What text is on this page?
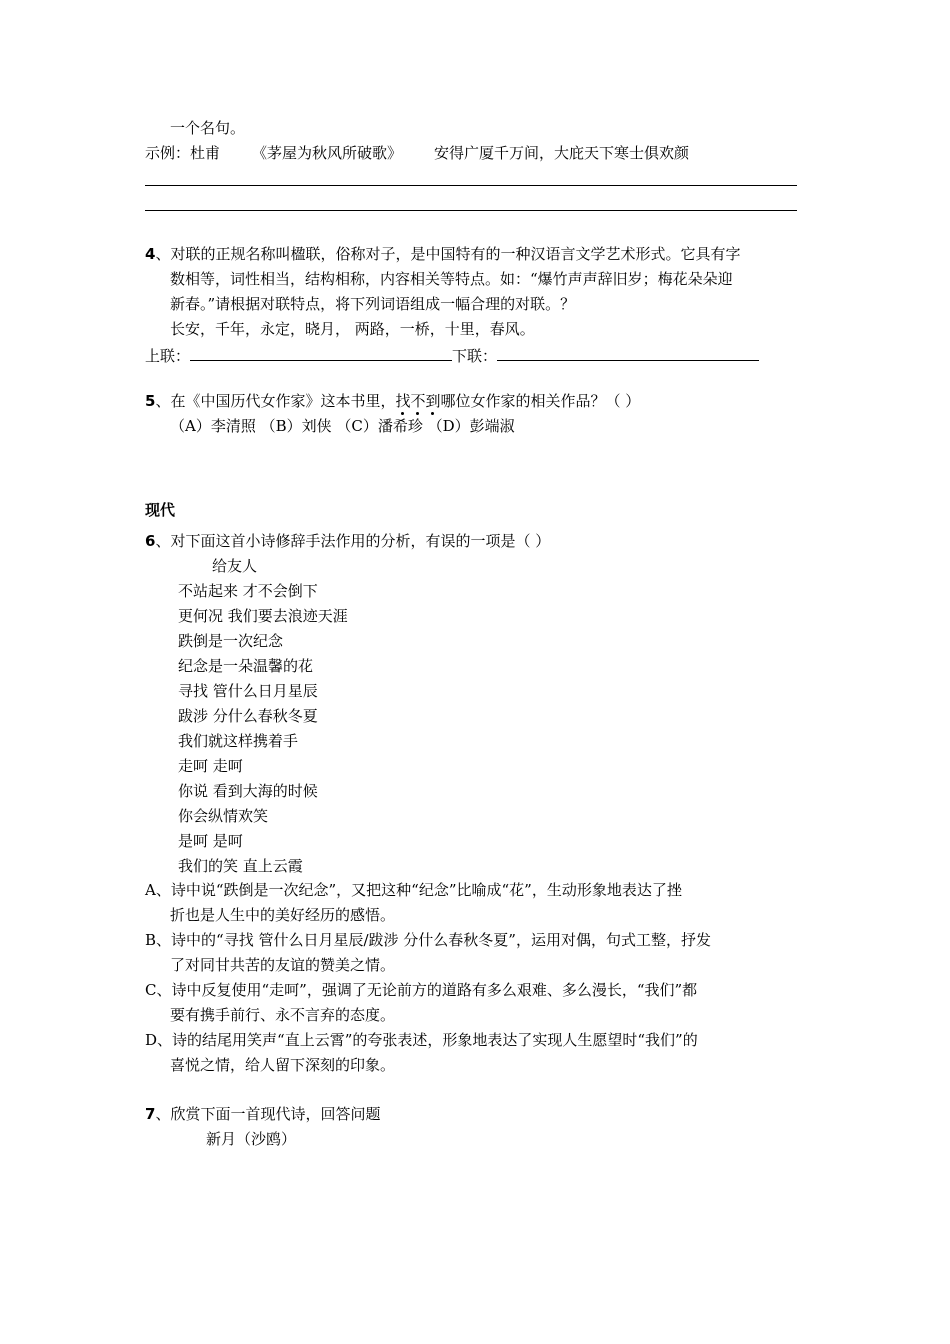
一个名句。
示例：杜甫 《茅屋为秋风所破歌》 安得广厦千万间，大庇天下寒士俱欢颜
4、对联的正规名称叫楹联，俗称对子，是中国特有的一种汉语言文学艺术形式。它具有字
数相等，词性相当，结构相称，内容相关等特点。如：“爆竹声声辞旧岁；梅花朵朵迎
新春。”请根据对联特点，将下列词语组成一幅合理的对联。？
长安，千年，永定，晓月， 两路，一桥，十里，春风。
上联：	下联：
5、在《中国历代女作家》这本书里，找不到哪位女作家的相关作品？（ ）
（A）李清照 （B）刘侠 （C）潘希珍 （D）彭端淑
现代
6、对下面这首小诗修辞手法作用的分析，有误的一项是（ ）
给友人
不站起来 才不会倒下
更何况 我们要去浪迹天涯
跌倒是一次纪念
纪念是一朵温馨的花
寻找 管什么日月星辰
跋涉 分什么春秋冬夏
我们就这样携着手
走呵 走呵
你说 看到大海的时候
你会纵情欢笑
是呵 是呵
我们的笑 直上云霞
A、诗中说“跌倒是一次纪念”，又把这种“纪念”比喻成“花”，生动形象地表达了挫
折也是人生中的美好经历的感悟。
B、诗中的“寻找 管什么日月星辰/跋涉 分什么春秋冬夏”，运用对偶，句式工整，抒发
了对同甘共苦的友谊的赞美之情。
C、诗中反复使用“走呵”，强调了无论前方的道路有多么艰难、多么漫长，“我们”都
要有携手前行、永不言弃的态度。
D、诗的结尾用笑声“直上云霄”的夸张表述，形象地表达了实现人生愿望时“我们”的
喜悦之情，给人留下深刻的印象。
7、欣赏下面一首现代诗，回答问题
新月（沙鸥）
